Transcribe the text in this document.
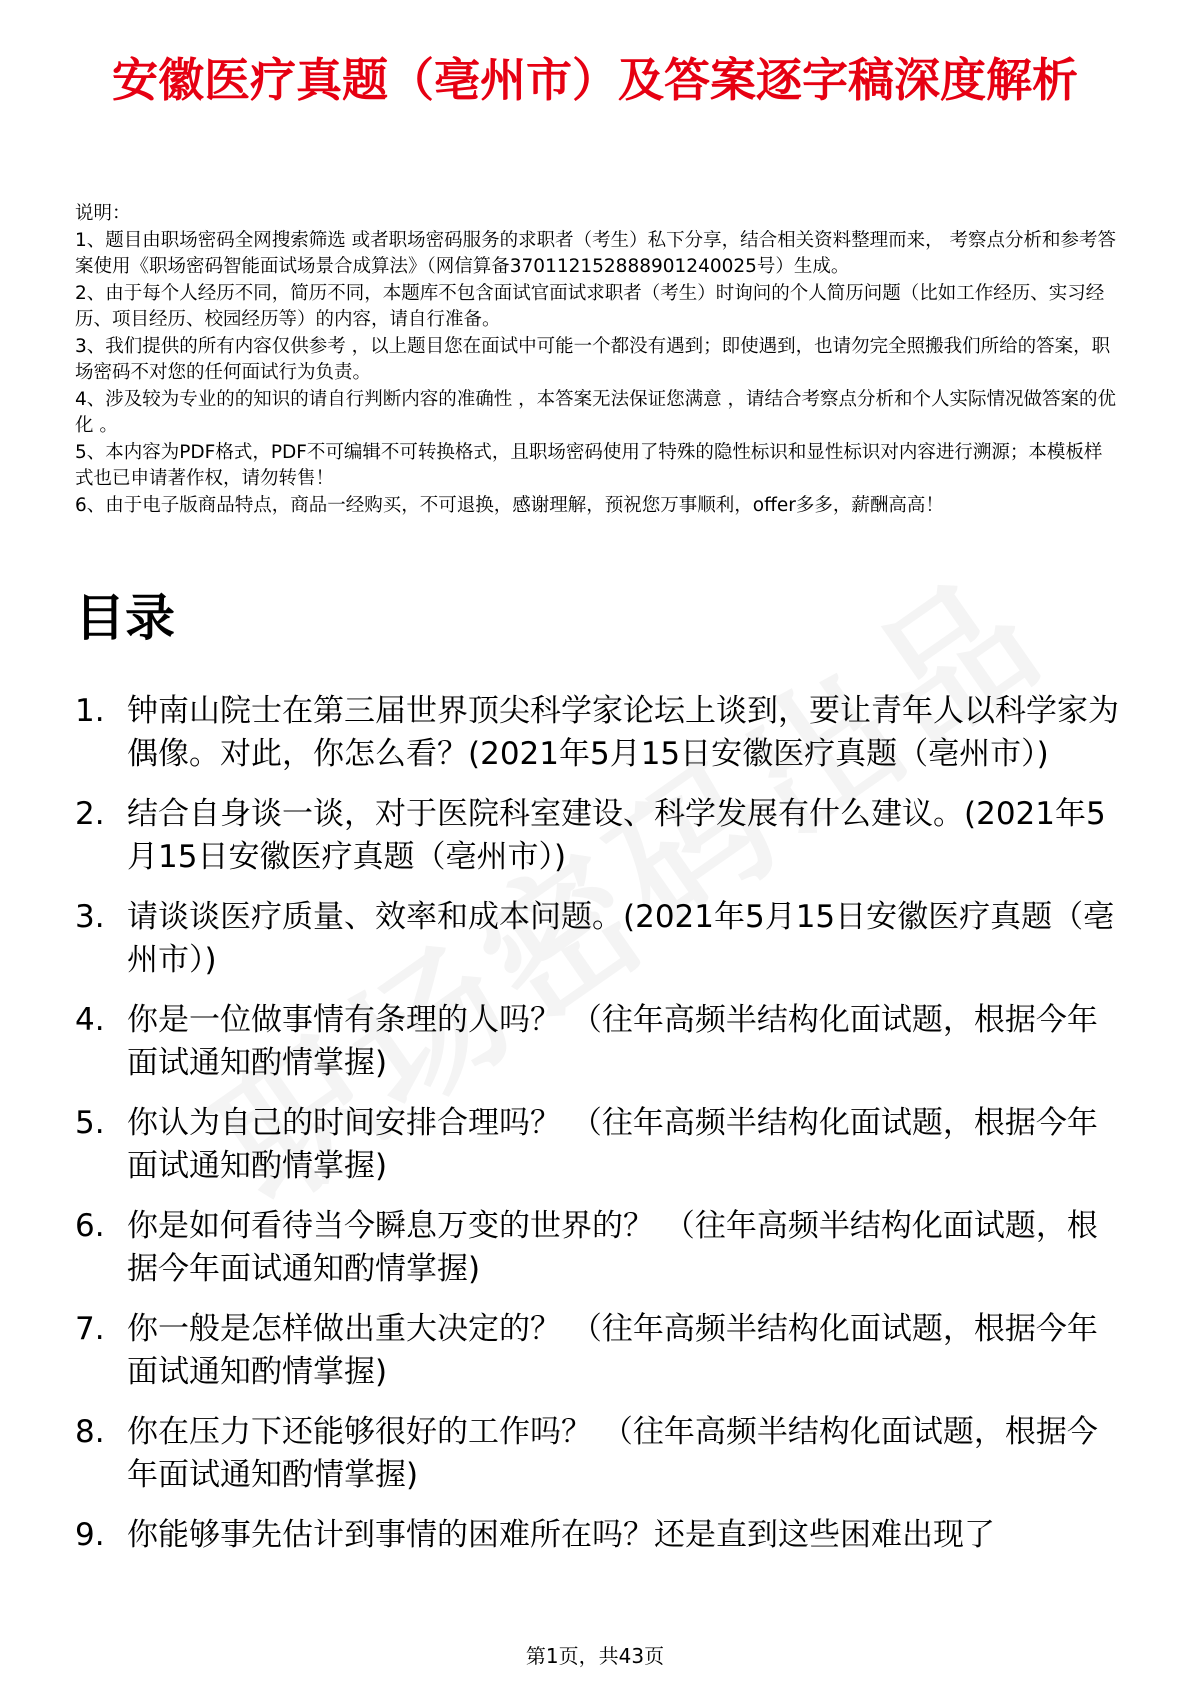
安徽医疗真题（亳州市）及答案逐字稿深度解析

说明：

1、题目由职场密码全网搜索筛选 或者职场密码服务的求职者（考生）私下分享，结合相关资料整理而来， 考察点分析和参考答案使用《职场密码智能面试场景合成算法》（网信算备370112152888901240025号）生成。

2、由于每个人经历不同，简历不同，本题库不包含面试官面试求职者（考生）时询问的个人简历问题（比如工作经历、实习经历、项目经历、校园经历等）的内容，请自行准备。

3、我们提供的所有内容仅供参考 ，以上题目您在面试中可能一个都没有遇到；即使遇到，也请勿完全照搬我们所给的答案，职场密码不对您的任何面试行为负责。

4、涉及较为专业的的知识的请自行判断内容的准确性 ，本答案无法保证您满意 ，请结合考察点分析和个人实际情况做答案的优化 。

5、本内容为PDF格式，PDF不可编辑不可转换格式，且职场密码使用了特殊的隐性标识和显性标识对内容进行溯源；本模板样式也已申请著作权，请勿转售！

6、由于电子版商品特点，商品一经购买，不可退换，感谢理解，预祝您万事顺利，offer多多，薪酬高高！

目录
1. 钟南山院士在第三届世界顶尖科学家论坛上谈到，要让青年人以科学家为偶像。对此，你怎么看？(2021年5月15日安徽医疗真题（亳州市）)
2. 结合自身谈一谈，对于医院科室建设、科学发展有什么建议。(2021年5月15日安徽医疗真题（亳州市）)
3. 请谈谈医疗质量、效率和成本问题。(2021年5月15日安徽医疗真题（亳州市）)
4. 你是一位做事情有条理的人吗？ （往年高频半结构化面试题，根据今年面试通知酌情掌握)
5. 你认为自己的时间安排合理吗？ （往年高频半结构化面试题，根据今年面试通知酌情掌握)
6. 你是如何看待当今瞬息万变的世界的？ （往年高频半结构化面试题，根据今年面试通知酌情掌握)
7. 你一般是怎样做出重大决定的？ （往年高频半结构化面试题，根据今年面试通知酌情掌握)
8. 你在压力下还能够很好的工作吗？ （往年高频半结构化面试题，根据今年面试通知酌情掌握)
9. 你能够事先估计到事情的困难所在吗？还是直到这些困难出现了
第1页，共43页
